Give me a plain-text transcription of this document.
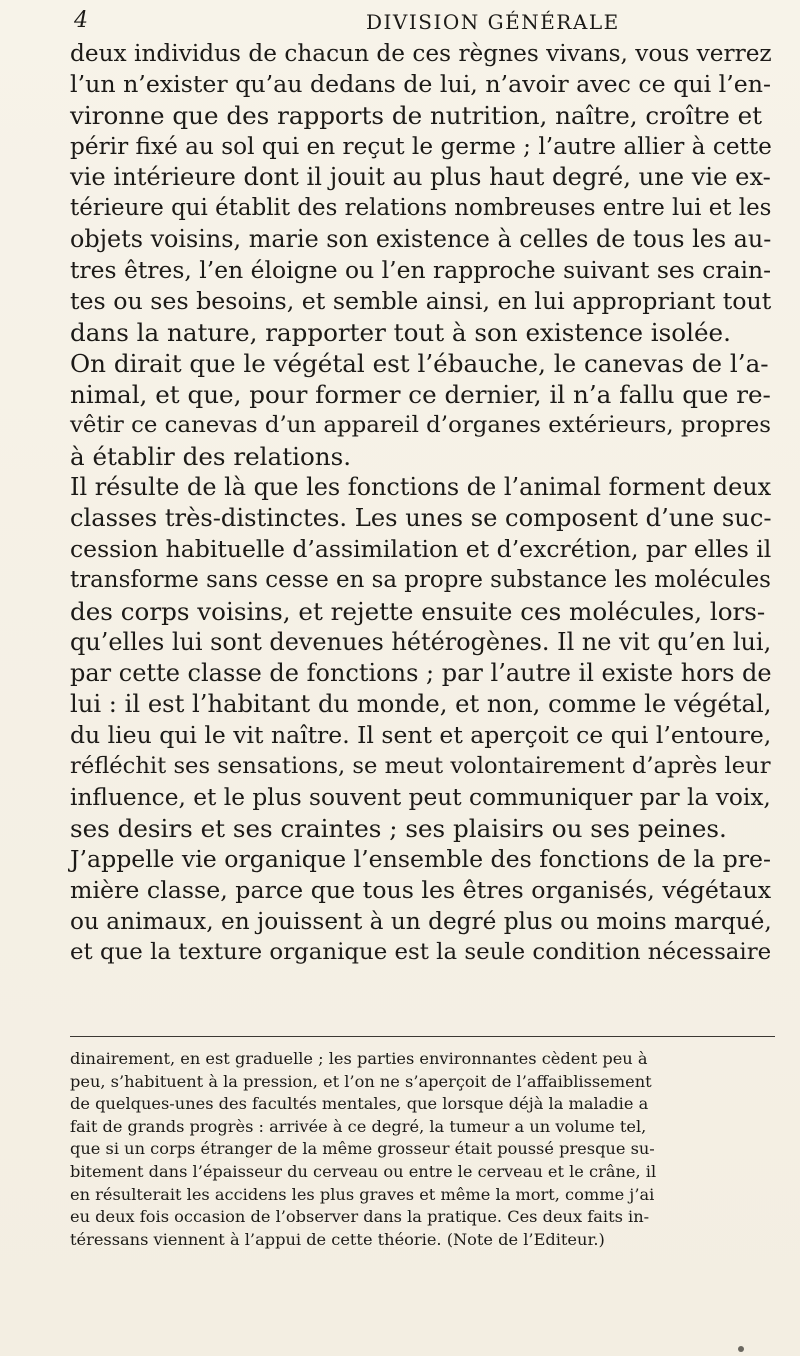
4	DIVISION GÉNÉRALE
deux individus de chacun de ces règnes vivans, vous verrez
l’un n’exister qu’au dedans de lui, n’avoir avec ce qui l’en-
vironne que des rapports de nutrition, naître, croître et
périr fixé au sol qui en reçut le germe ; l’autre allier à cette
vie intérieure dont il jouit au plus haut degré, une vie ex-
térieure qui établit des relations nombreuses entre lui et les
objets voisins, marie son existence à celles de tous les au-
tres êtres, l’en éloigne ou l’en rapproche suivant ses crain-
tes ou ses besoins, et semble ainsi, en lui appropriant tout
dans la nature, rapporter tout à son existence isolée.
On dirait que le végétal est l’ébauche, le canevas de l’a-
nimal, et que, pour former ce dernier, il n’a fallu que re-
vêtir ce canevas d’un appareil d’organes extérieurs, propres
à établir des relations.
Il résulte de là que les fonctions de l’animal forment deux
classes très-distinctes. Les unes se composent d’une suc-
cession habituelle d’assimilation et d’excrétion, par elles il
transforme sans cesse en sa propre substance les molécules
des corps voisins, et rejette ensuite ces molécules, lors-
qu’elles lui sont devenues hétérogènes. Il ne vit qu’en lui,
par cette classe de fonctions ; par l’autre il existe hors de
lui : il est l’habitant du monde, et non, comme le végétal,
du lieu qui le vit naître. Il sent et aperçoit ce qui l’entoure,
réfléchit ses sensations, se meut volontairement d’après leur
influence, et le plus souvent peut communiquer par la voix,
ses desirs et ses craintes ; ses plaisirs ou ses peines.
J’appelle vie organique l’ensemble des fonctions de la pre-
mière classe, parce que tous les êtres organisés, végétaux
ou animaux, en jouissent à un degré plus ou moins marqué,
et que la texture organique est la seule condition nécessaire
dinairement, en est graduelle ; les parties environnantes cèdent peu à
peu, s’habituent à la pression, et l’on ne s’aperçoit de l’affaiblissement
de quelques-unes des facultés mentales, que lorsque déjà la maladie a
fait de grands progrès : arrivée à ce degré, la tumeur a un volume tel,
que si un corps étranger de la même grosseur était poussé presque su-
bitement dans l’épaisseur du cerveau ou entre le cerveau et le crâne, il
en résulterait les accidens les plus graves et même la mort, comme j’ai
eu deux fois occasion de l’observer dans la pratique. Ces deux faits in-
téressans viennent à l’appui de cette théorie. (Note de l’Editeur.)
